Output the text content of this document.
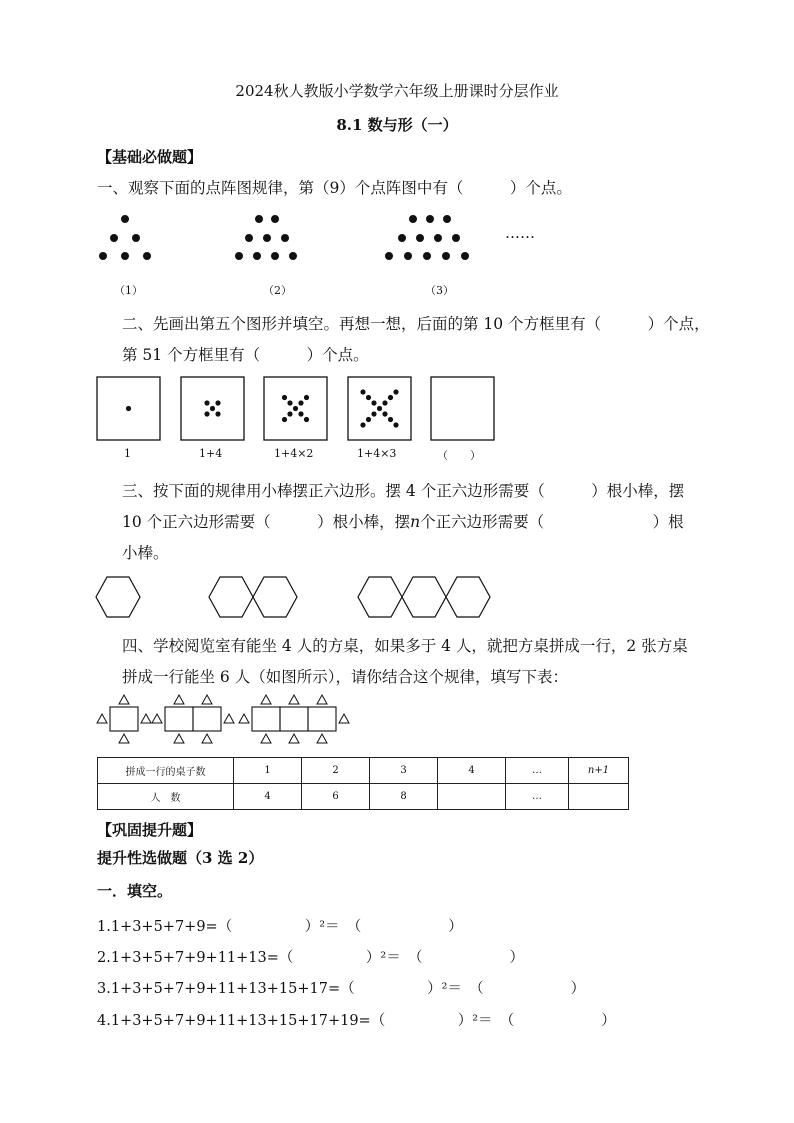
2024秋人教版小学数学六年级上册课时分层作业
8.1 数与形（一）
【基础必做题】
一、观察下面的点阵图规律，第（9）个点阵图中有（　　　）个点。
……
（1）	（2）	（3）
二、先画出第五个图形并填空。再想一想，后面的第 10 个方框里有（　　　）个点，
第 51 个方框里有（　　　）个点。
1	1+4	1+4×2	1+4×3	（　　）
三、按下面的规律用小棒摆正六边形。摆 4 个正六边形需要（　　　）根小棒，摆
10 个正六边形需要（　　　）根小棒，摆n个正六边形需要（　　　　　　　）根
小棒。
四、学校阅览室有能坐 4 人的方桌，如果多于 4 人，就把方桌拼成一行，2 张方桌
拼成一行能坐 6 人（如图所示），请你结合这个规律，填写下表：
拼成一行的桌子数	1	2	3	4	…	n+1
人　数	4	6	8		…	
【巩固提升题】
提升性选做题（3 选 2）
一．填空。
1.1+3+5+7+9=（　　　　　）²＝　（　　　　　　）
2.1+3+5+7+9+11+13=（　　　　　）²＝　（　　　　　　）
3.1+3+5+7+9+11+13+15+17=（　　　　　）²＝　（　　　　　　）
4.1+3+5+7+9+11+13+15+17+19=（　　　　　）²＝　（　　　　　　）
